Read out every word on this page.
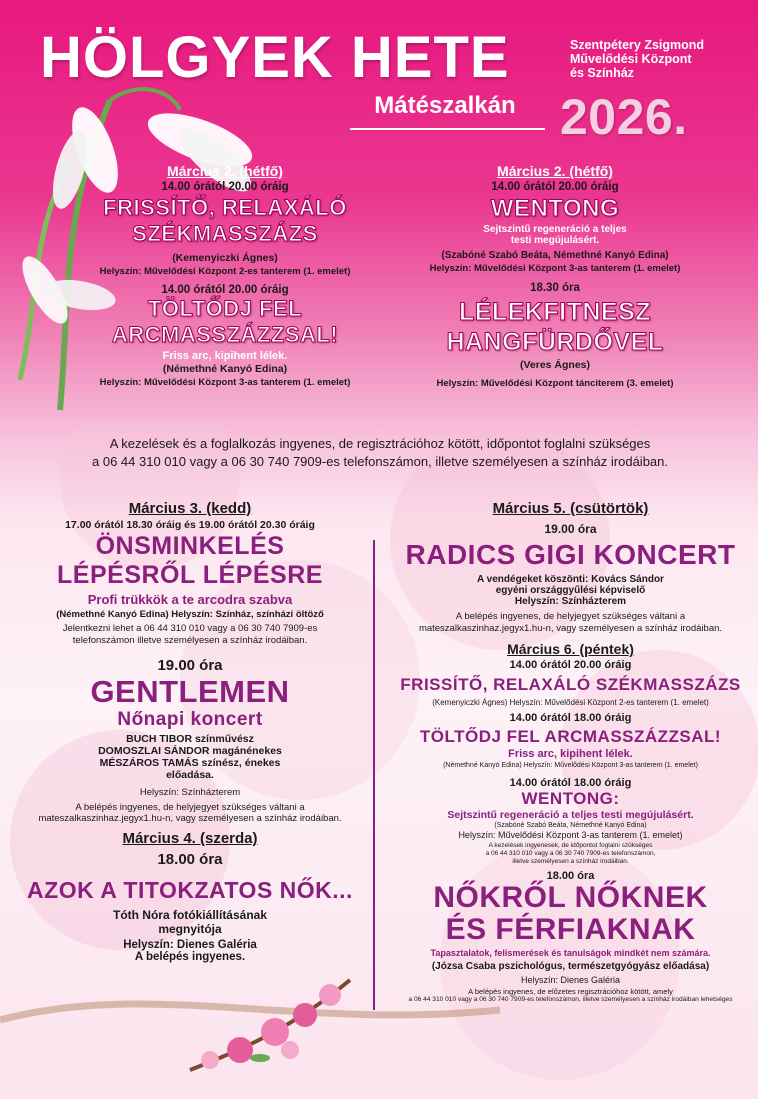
HÖLGYEK HETE	Szentpétery Zsigmond
Művelődési Központ
és Színház
Mátészalkán 2026.
Március 2. (hétfő)
14.00 órától 20.00 óráig
FRISSÍTŐ, RELAXÁLÓ
SZÉKMASSZÁZS
(Kemenyiczki Ágnes)
Helyszín: Művelődési Központ 2-es tanterem (1. emelet)
14.00 órától 20.00 óráig
TÖLTŐDJ FEL
ARCMASSZÁZZSAL!
Friss arc, kipihent lélek.
(Némethné Kanyó Edina)
Helyszín: Művelődési Központ 3-as tanterem (1. emelet)
Március 2. (hétfő)
14.00 órától 20.00 óráig
WENTONG
Sejtszintű regeneráció a teljes
testi megújulásért.
(Szabóné Szabó Beáta, Némethné Kanyó Edina)
Helyszín: Művelődési Központ 3-as tanterem (1. emelet)
18.30 óra
LÉLEKFITNESZ
HANGFÜRDŐVEL
(Veres Ágnes)
Helyszín: Művelődési Központ tánciterem (3. emelet)
A kezelések és a foglalkozás ingyenes, de regisztrációhoz kötött, időpontot foglalni szükséges
a 06 44 310 010 vagy a 06 30 740 7909-es telefonszámon, illetve személyesen a színház irodáiban.
Március 3. (kedd)
17.00 órától 18.30 óráig és 19.00 órától 20.30 óráig
ÖNSMINKELÉS
LÉPÉSRŐL LÉPÉSRE
Profi trükkök a te arcodra szabva
(Némethné Kanyó Edina) Helyszín: Színház, színházi öltöző
Jelentkezni lehet a 06 44 310 010 vagy a 06 30 740 7909-es
telefonszámon illetve személyesen a színház irodáiban.
19.00 óra
GENTLEMEN
Nőnapi koncert
BUCH TIBOR színművész
DOMOSZLAI SÁNDOR magánénekes
MÉSZÁROS TAMÁS színész, énekes
előadása.
Helyszín: Színházterem
A belépés ingyenes, de helyjegyet szükséges váltani a
mateszalkaszinhaz.jegyx1.hu-n, vagy személyesen a színház irodáiban.
Március 4. (szerda)
18.00 óra
AZOK A TITOKZATOS NŐK...
Tóth Nóra fotókiállításának
megnyitója
Helyszín: Dienes Galéria
A belépés ingyenes.
Március 5. (csütörtök)
19.00 óra
RADICS GIGI KONCERT
A vendégeket köszönti: Kovács Sándor
egyéni országgyűlési képviselő
Helyszín: Színházterem
A belépés ingyenes, de helyjegyet szükséges váltani a
mateszalkaszinhaz.jegyx1.hu-n, vagy személyesen a színház irodáiban.
Március 6. (péntek)
14.00 órától 20.00 óráig
FRISSÍTŐ, RELAXÁLÓ SZÉKMASSZÁZS
(Kemenyiczki Ágnes) Helyszín: Művelődési Központ 2-es tanterem (1. emelet)
14.00 órától 18.00 óráig
TÖLTŐDJ FEL ARCMASSZÁZZSAL!
Friss arc, kipihent lélek.
(Némethné Kanyó Edina) Helyszín: Művelődési Központ 3-as tanterem (1. emelet)
14.00 órától 18.00 óráig
WENTONG:
Sejtszintű regeneráció a teljes testi megújulásért.
(Szabóné Szabó Beáta, Némethné Kanyó Edina)
Helyszín: Művelődési Központ 3-as tanterem (1. emelet)
A kezelések ingyenesek, de időpontot foglalni szükséges
a 06 44 310 010 vagy a 06 30 740 7909-es telefonszámon,
illetve személyesen a színház irodáiban.
18.00 óra
NŐKRŐL NŐKNEK
ÉS FÉRFIAKNAK
Tapasztalatok, felismerések és tanulságok mindkét nem számára.
(Józsa Csaba pszichológus, természetgyógyász előadása)
Helyszín: Dienes Galéria
A belépés ingyenes, de előzetes regisztrációhoz kötött, amely
a 06 44 310 010 vagy a 06 30 740 7909-es telefonszámon, illetve személyesen a színház irodáiban lehetséges
